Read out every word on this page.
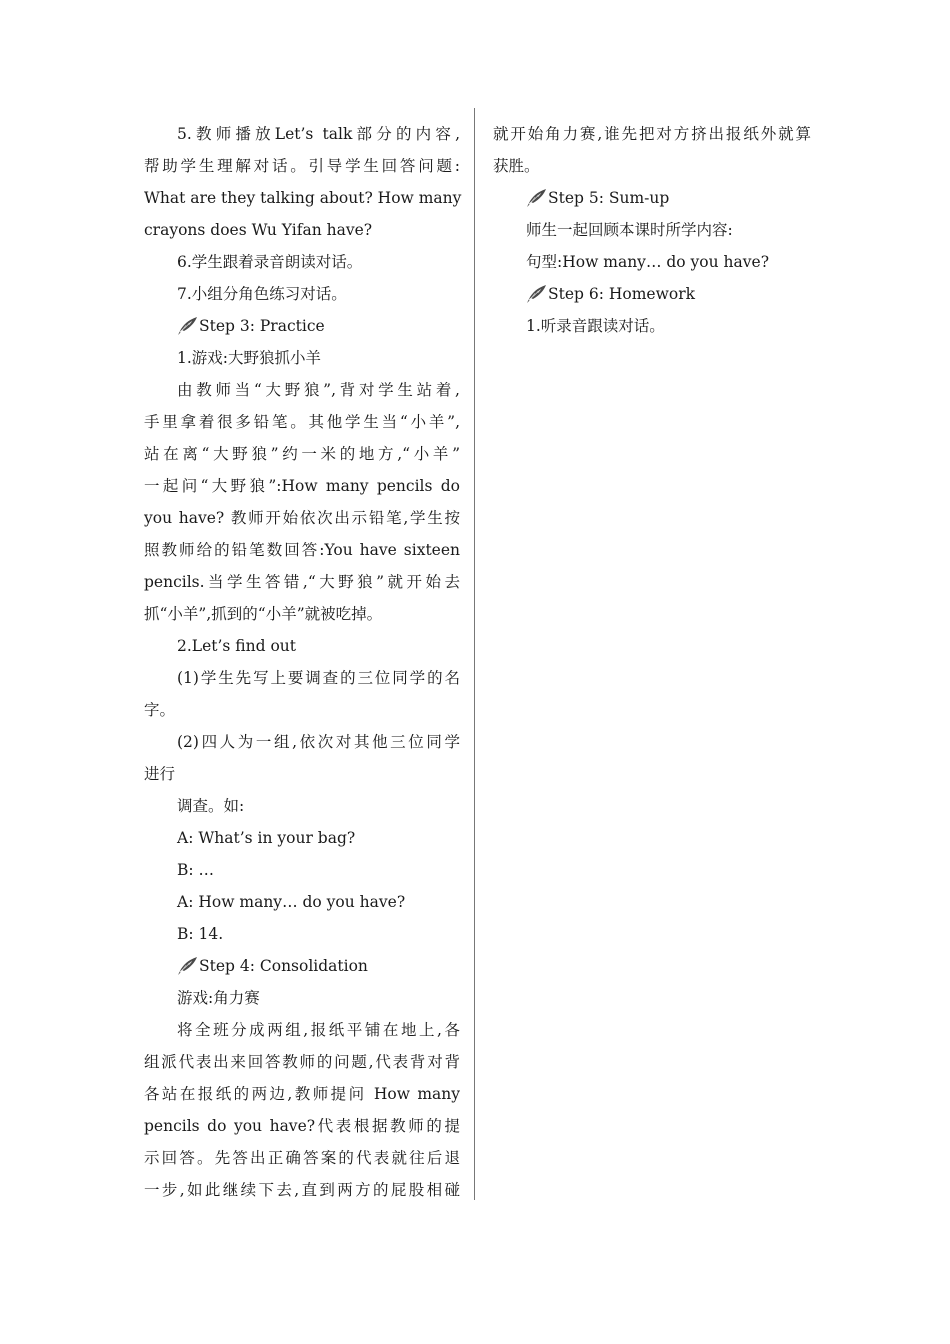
5.教师播放Let’s talk部分的内容,
帮助学生理解对话。引导学生回答问题:
What are they talking about? How many
crayons does Wu Yifan have?
6.学生跟着录音朗读对话。
7.小组分角色练习对话。
Step 3: Practice
1.游戏:大野狼抓小羊
由教师当“大野狼”,背对学生站着,
手里拿着很多铅笔。其他学生当“小羊”,
站在离“大野狼”约一米的地方,“小羊”
一起问“大野狼”:How many pencils do
you have? 教师开始依次出示铅笔,学生按
照教师给的铅笔数回答:You have sixteen
pencils.当学生答错,“大野狼”就开始去
抓“小羊”,抓到的“小羊”就被吃掉。
2.Let’s find out
(1)学生先写上要调查的三位同学的名
字。
(2)四人为一组,依次对其他三位同学
进行
调查。如:
A: What’s in your bag?
B: …
A: How many… do you have?
B: 14.
Step 4: Consolidation
游戏:角力赛
将全班分成两组,报纸平铺在地上,各
组派代表出来回答教师的问题,代表背对背
各站在报纸的两边,教师提问 How many
pencils do you have?代表根据教师的提
示回答。先答出正确答案的代表就往后退
一步,如此继续下去,直到两方的屁股相碰
就开始角力赛,谁先把对方挤出报纸外就算
获胜。
Step 5: Sum-up
师生一起回顾本课时所学内容:
句型:How many… do you have?
Step 6: Homework
1.听录音跟读对话。
